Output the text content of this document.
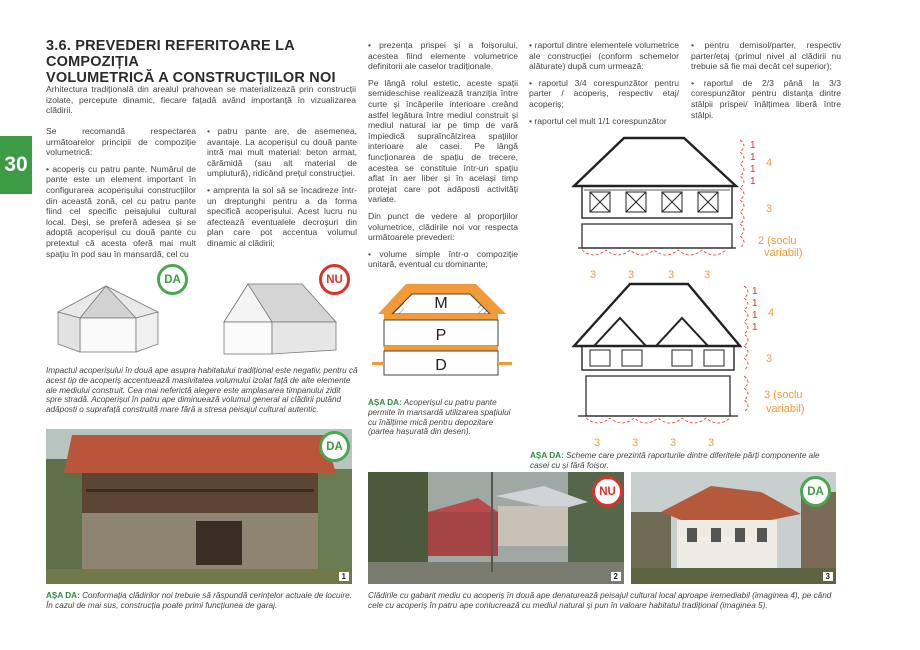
30
3.6. PREVEDERI REFERITOARE LA COMPOZIȚIA
VOLUMETRICĂ A CONSTRUCȚIILOR NOI
Arhitectura tradițională din arealul prahovean se materializează prin construcții izolate, percepute dinamic, fiecare fațadă având importanță în vizualizarea clădirii.

Se recomandă respectarea următoarelor principii de compoziție volumetrică:

• acoperiș cu patru pante. Numărul de pante este un element important în configurarea acoperișului construcțiilor din această zonă, cel cu patru pante fiind cel specific peisajului cultural local. Deși, se preferă adesea și se adoptă acoperișul cu două pante cu pretextul că acesta oferă mai mult spațiu în pod sau în mansardă, cel cu

• patru pante are, de asemenea, avantaje. La acoperișul cu două pante intră mai mult material: beton armat, cărămidă (sau alt material de umplutură), ridicând prețul construcției.

• amprenta la sol să se încadreze într-un dreptunghi pentru a da forma specifică acoperișului. Acest lucru nu afectează eventualele decroșuri din plan care pot accentua volumul dinamic al clădirii;

• prezența prispei și a foișorului, acestea fiind elemente volumetrice definitorii ale caselor tradiționale.

Pe lângă rolul estetic, aceste spații semideschise realizează tranziția între curte și încăperile interioare creând astfel legătura între mediul construit și mediul natural iar pe timp de vară împiedică supraîncălzirea spațiilor interioare ale casei. Pe lângă funcționarea de spațiu de trecere, acestea se constituie într-un spațiu aflat în aer liber și în același timp protejat care pot adăposti activități variate.

Din punct de vedere al proporțiilor volumetrice, clădirile noi vor respecta următoarele prevederi:

• volume simple într-o compoziție unitară, eventual cu dominante;

• raportul dintre elementele volumetrice ale construcției (conform schemelor alăturate) după cum urmează:

• raportul 3/4 corespunzător pentru parter / acoperiș, respectiv etaj/ acoperiș;

• raportul cel mult 1/1 corespunzător

• pentru demisol/parter, respectiv parter/etaj (primul nivel al clădirii nu trebuie să fie mai decât cel superior);

• raportul de 2/3 până la 3/3 corespunzător pentru distanța dintre stâlpii prispei/ înălțimea liberă între stâlpi.

DA	NU
Impactul acoperișului în două ape asupra habitatului tradițional este negativ, pentru că acest tip de acoperiș accentuează masivitatea volumului izolat față de alte elemente ale mediului construit. Cea mai neferictă alegere este amplasarea timpanului zidit spre stradă. Acoperișul în patru ape diminuează volumul general al clădirii putând adăposti o suprafață construită mare fără a stresa peisajul cultural autentic.
M
P
D
AȘA DA: Acoperișul cu patru pante permite în mansardă utilizarea spațiului cu înălțime mică pentru depozitare (partea hașurată din desen).
1
1
1
1
4
3
2 (soclu
variabil)
3	3	3	3
1
1
1
1
4
3
3 (soclu
variabil)
3	3	3	3
AȘA DA: Scheme care prezintă raporturile dintre diferitele părți componente ale casei cu și fără foișor.
1
DA
AȘA DA: Conformația clădirilor noi trebuie să răspundă cerințelor actuale de locuire. În cazul de mai sus, construcția poate primi funcțiunea de garaj.
2
NU
3
DA
Clădirile cu gabarit mediu cu acoperiș în două ape denaturează peisajul cultural local aproape iremediabil (imaginea 4), pe când cele cu acoperiș în patru ape conlucrează cu mediul natural și pun în valoare habitatul tradițional (imaginea 5).
